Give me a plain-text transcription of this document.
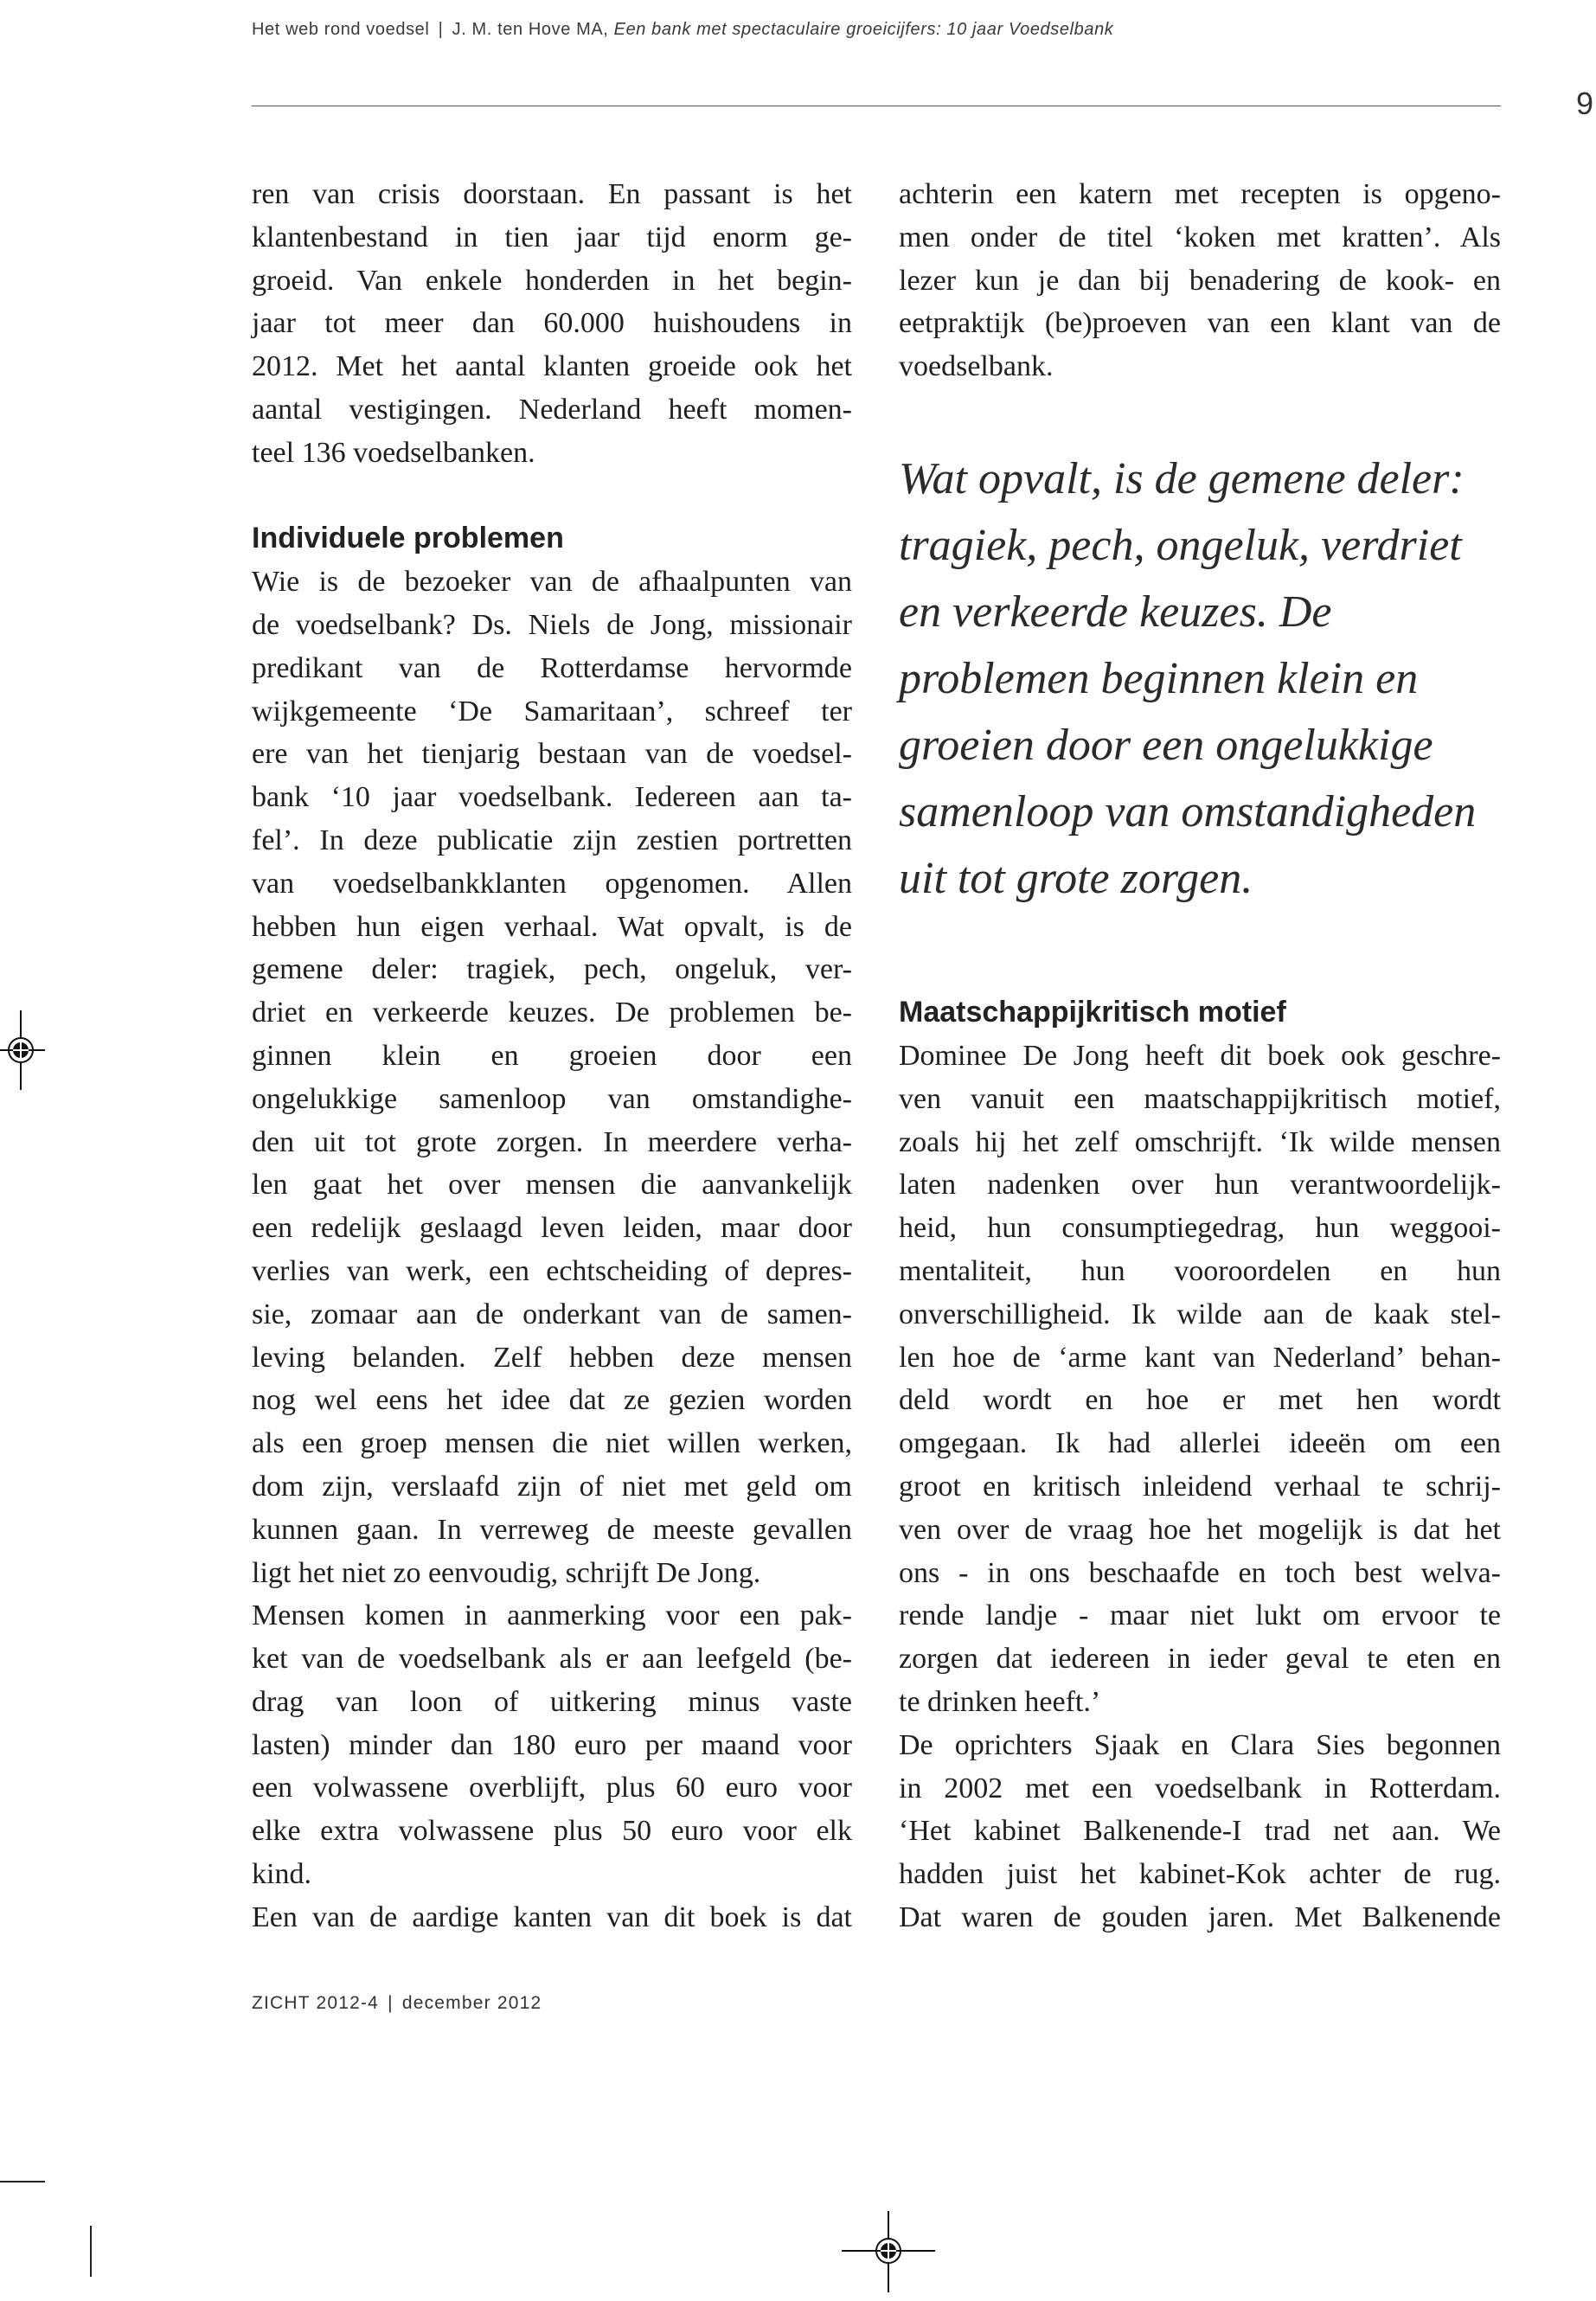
Het web rond voedsel | J. M. ten Hove MA, Een bank met spectaculaire groeicijfers: 10 jaar Voedselbank
9
ren van crisis doorstaan. En passant is het
klantenbestand in tien jaar tijd enorm ge-
groeid. Van enkele honderden in het begin-
jaar tot meer dan 60.000 huishoudens in
2012. Met het aantal klanten groeide ook het
aantal vestigingen. Nederland heeft momen-
teel 136 voedselbanken.
Individuele problemen
Wie is de bezoeker van de afhaalpunten van
de voedselbank? Ds. Niels de Jong, missionair
predikant van de Rotterdamse hervormde
wijkgemeente ‘De Samaritaan’, schreef ter
ere van het tienjarig bestaan van de voedsel-
bank ‘10 jaar voedselbank. Iedereen aan ta-
fel’. In deze publicatie zijn zestien portretten
van voedselbankklanten opgenomen. Allen
hebben hun eigen verhaal. Wat opvalt, is de
gemene deler: tragiek, pech, ongeluk, ver-
driet en verkeerde keuzes. De problemen be-
ginnen klein en groeien door een
ongelukkige samenloop van omstandighe-
den uit tot grote zorgen. In meerdere verha-
len gaat het over mensen die aanvankelijk
een redelijk geslaagd leven leiden, maar door
verlies van werk, een echtscheiding of depres-
sie, zomaar aan de onderkant van de samen-
leving belanden. Zelf hebben deze mensen
nog wel eens het idee dat ze gezien worden
als een groep mensen die niet willen werken,
dom zijn, verslaafd zijn of niet met geld om
kunnen gaan. In verreweg de meeste gevallen
ligt het niet zo eenvoudig, schrijft De Jong.
Mensen komen in aanmerking voor een pak-
ket van de voedselbank als er aan leefgeld (be-
drag van loon of uitkering minus vaste
lasten) minder dan 180 euro per maand voor
een volwassene overblijft, plus 60 euro voor
elke extra volwassene plus 50 euro voor elk
kind.
Een van de aardige kanten van dit boek is dat
achterin een katern met recepten is opgeno-
men onder de titel ‘koken met kratten’. Als
lezer kun je dan bij benadering de kook- en
eetpraktijk (be)proeven van een klant van de
voedselbank.
Wat opvalt, is de gemene deler:
tragiek, pech, ongeluk, verdriet
en verkeerde keuzes. De
problemen beginnen klein en
groeien door een ongelukkige
samenloop van omstandigheden
uit tot grote zorgen.
Maatschappijkritisch motief
Dominee De Jong heeft dit boek ook geschre-
ven vanuit een maatschappijkritisch motief,
zoals hij het zelf omschrijft. ‘Ik wilde mensen
laten nadenken over hun verantwoordelijk-
heid, hun consumptiegedrag, hun weggooi-
mentaliteit, hun vooroordelen en hun
onverschilligheid. Ik wilde aan de kaak stel-
len hoe de ‘arme kant van Nederland’ behan-
deld wordt en hoe er met hen wordt
omgegaan. Ik had allerlei ideeën om een
groot en kritisch inleidend verhaal te schrij-
ven over de vraag hoe het mogelijk is dat het
ons - in ons beschaafde en toch best welva-
rende landje - maar niet lukt om ervoor te
zorgen dat iedereen in ieder geval te eten en
te drinken heeft.’
De oprichters Sjaak en Clara Sies begonnen
in 2002 met een voedselbank in Rotterdam.
‘Het kabinet Balkenende-I trad net aan. We
hadden juist het kabinet-Kok achter de rug.
Dat waren de gouden jaren. Met Balkenende
ZICHT 2012-4 | december 2012
